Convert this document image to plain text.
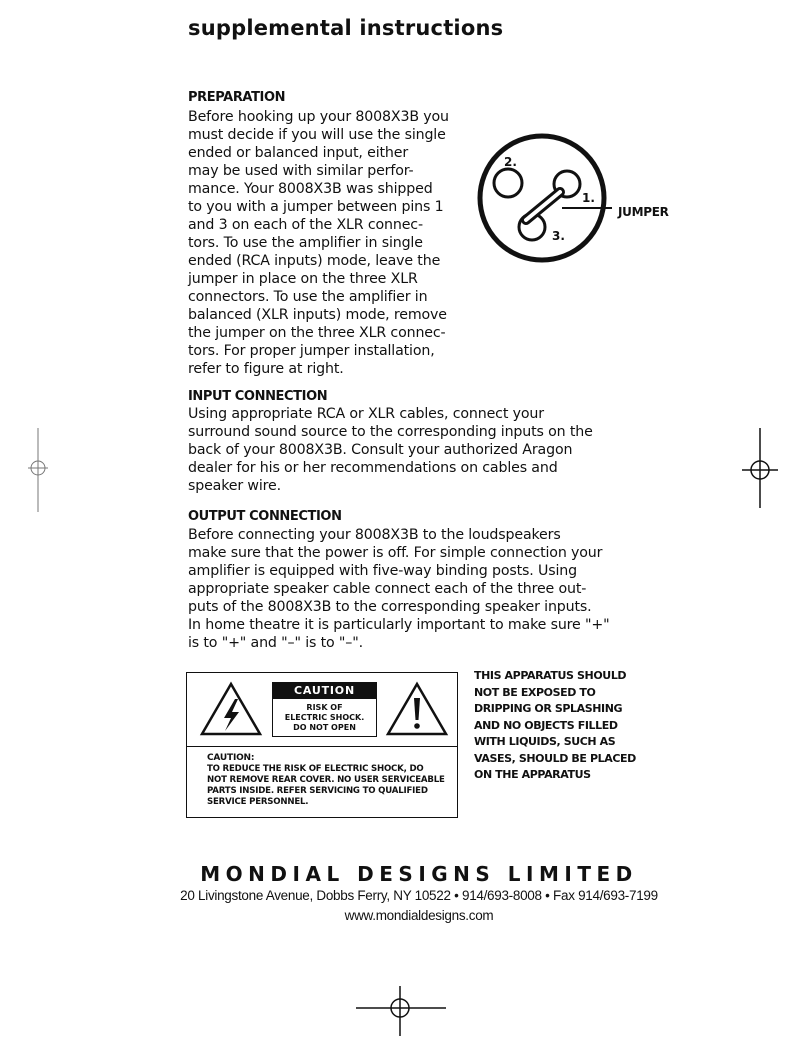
supplemental instructions
PREPARATION
Before hooking up your 8008X3B you
must decide if you will use the single
ended or balanced input, either
may be used with similar perfor-
mance. Your 8008X3B was shipped
to you with a jumper between pins 1
and 3 on each of the XLR connec-
tors. To use the amplifier in single
ended (RCA inputs) mode, leave the
jumper in place on the three XLR
connectors. To use the amplifier in
balanced (XLR inputs) mode, remove
the jumper on the three XLR connec-
tors. For proper jumper installation,
refer to figure at right.
2.
1.
3.
JUMPER
INPUT CONNECTION
Using appropriate RCA or XLR cables, connect your
surround sound source to the corresponding inputs on the
back of your 8008X3B. Consult your authorized Aragon
dealer for his or her recommendations on cables and
speaker wire.
OUTPUT CONNECTION
Before connecting your 8008X3B to the loudspeakers
make sure that the power is off. For simple connection your
amplifier is equipped with five-way binding posts. Using
appropriate speaker cable connect each of the three out-
puts of the 8008X3B to the corresponding speaker inputs.
In home theatre it is particularly important to make sure "+"
is to "+" and "–" is to "–".
CAUTION
RISK OF
ELECTRIC SHOCK.
DO NOT OPEN
CAUTION:
TO REDUCE THE RISK OF ELECTRIC SHOCK, DO
NOT REMOVE REAR COVER. NO USER SERVICEABLE
PARTS INSIDE. REFER SERVICING TO QUALIFIED
SERVICE PERSONNEL.
THIS APPARATUS SHOULD
NOT BE EXPOSED TO
DRIPPING OR SPLASHING
AND NO OBJECTS FILLED
WITH LIQUIDS, SUCH AS
VASES, SHOULD BE PLACED
ON THE APPARATUS
MONDIAL DESIGNS LIMITED
20 Livingstone Avenue, Dobbs Ferry, NY 10522 • 914/693-8008 • Fax 914/693-7199
www.mondialdesigns.com
